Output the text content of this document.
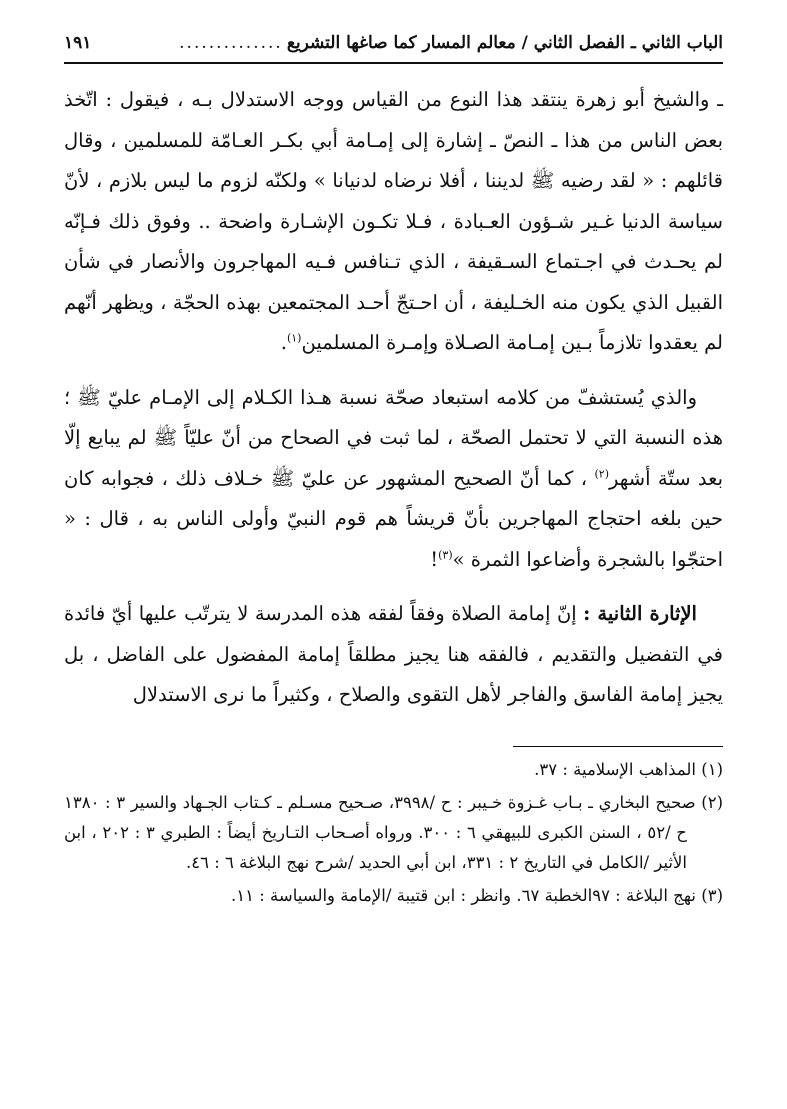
الباب الثاني ـ الفصل الثاني / معالم المسار كما صاغها التشريع
..............
١٩١

ـ والشيخ أبو زهرة ينتقد هذا النوع من القياس ووجه الاستدلال بـه ، فيقول : اتّخذ بعض الناس من هذا ـ النصّ ـ إشارة إلى إمـامة أبي بكـر العـامّة للمسلمين ، وقال قائلهم : « لقد رضيه ﷺ لديننا ، أفلا نرضاه لدنيانا » ولكنّه لزوم ما ليس بلازم ، لأنّ سياسة الدنيا غـير شـؤون العـبادة ، فـلا تكـون الإشـارة واضحة .. وفوق ذلك فـإنّه لم يحـدث في اجـتماع السـقيفة ، الذي تـنافس فـيه المهاجرون والأنصار في شأن القبيل الذي يكون منه الخـليفة ، أن احـتجّ أحـد المجتمعين بهذه الحجّة ، ويظهر أنّهم لم يعقدوا تلازماً بـين إمـامة الصـلاة وإمـرة المسلمين$^{(١)}$.

والذي يُستشفّ من كلامه استبعاد صحّة نسبة هـذا الكـلام إلى الإمـام عليّ ﷺ ؛ هذه النسبة التي لا تحتمل الصحّة ، لما ثبت في الصحاح من أنّ عليّاً ﷺ لم يبايع إلّا بعد ستّة أشهر$^{(٢)}$ ، كما أنّ الصحيح المشهور عن عليّ ﷺ خـلاف ذلك ، فجوابه كان حين بلغه احتجاج المهاجرين بأنّ قريشاً هم قوم النبيّ وأولى الناس به ، قال : « احتجّوا بالشجرة وأضاعوا الثمرة »$^{(٣)}$!

الإثارة الثانية : إنّ إمامة الصلاة وفقاً لفقه هذه المدرسة لا يترتّب عليها أيّ فائدة في التفضيل والتقديم ، فالفقه هنا يجيز مطلقاً إمامة المفضول على الفاضل ، بل يجيز إمامة الفاسق والفاجر لأهل التقوى والصلاح ، وكثيراً ما نرى الاستدلال

(١) المذاهب الإسلامية : ٣٧.

(٢) صحيح البخاري ـ بـاب غـزوة خـيبر : ح /٣٩٩٨، صـحيح مسـلم ـ كـتاب الجـهاد والسير ٣ : ١٣٨٠ ح /٥٢ ، السنن الكبرى للبيهقي ٦ : ٣٠٠. ورواه أصـحاب التـاريخ أيضاً : الطبري ٣ : ٢٠٢ ، ابن الأثير /الكامل في التاريخ ٢ : ٣٣١، ابن أبي الحديد /شرح نهج البلاغة ٦ : ٤٦.

(٣) نهج البلاغة : ٩٧الخطبة ٦٧. وانظر : ابن قتيبة /الإمامة والسياسة : ١١.
